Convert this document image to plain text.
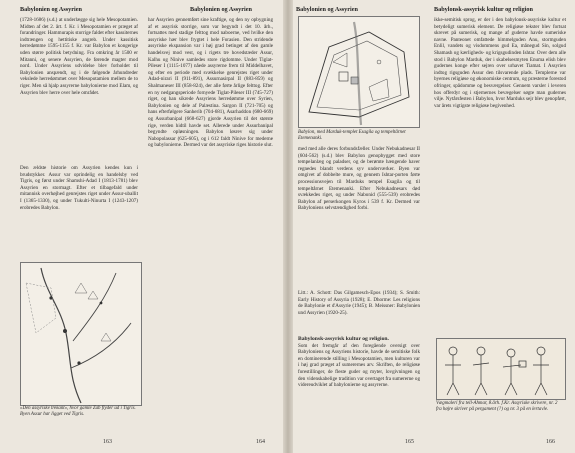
Babylonien og Assyrien
(1728-1686) (s.d.) at underlægge sig hele Mesopotamien. Midten af det 2. årt. f. Kr. i Mesopotamien er præget af forandringer. Hammurapis storrige faldet efter kassiternes indtrængen og hettitiske angreb. Under kassitisk herredømme 1595-1155 f. Kr. var Babylon et kongerige uden større politisk betydning. Fra omkring år 1500 er Mitanni, og senere Assyrien, de førende magter mod nord. Under Assyriens udvidelse blev forholdet til Babylonien anspændt, og i de følgende århundreder vekslede herredømmet over Mesopotamien mellem de to riger. Men så hjalp assyrerne babylonierne mod Elam, og Assyrien blev herre over hele området.
Den ældste historie om Assyrien kendes kun i brudstykker. Assur var oprindelig en handelsby ved Tigris, og først under Shamshi-Adad I (1813-1781) blev Assyrien en stormagt. Efter et tilbagefald under mitannisk overhøjhed genrejstes riget under Assur-uballit I (1365-1330), og under Tukulti-Ninurta I (1243-1207) erobredes Babylon.
»Den assyriske trekant», hvor gamle Zab flyder ud i Tigris. Byen Assur har ligget ved Tigris.
163
Babylonien og Assyrien
har Assyrien gennemført sine kraftige, og den ny opbygning af et assyrisk storrige, som var begyndt i det 10. årh., fortsattes med stadige felttog mod naboerne, ved hvilke den assyriske hær blev frygtet i hele Forasien. Den stridende assyriske ekspansion var i høj grad betinget af den gamle handelsvej mod vest, og i rigets tre hovedstæder Assur, Kalhu og Ninive samledes store rigdomme. Under Tiglat-Pileser I (1115-1077) nåede assyrerne frem til Middelhavet, og efter en periode med svækkelse genrejstes riget under Adad-nirari II (911-891), Assurnasirpal II (883-859) og Shalmaneser III (858-824), der alle førte årlige felttog. Efter en ny nedgangsperiode fornyede Tiglat-Pileser III (745-727) riget, og han sikrede Assyriens herredømme over Syrien, Babylonien og dele af Palæstina. Sargon II (721-705) og hans efterfølgere Sanherib (704-681), Asarhaddon (680-669) og Assurbanipal (668-627) gjorde Assyrien til det største rige, verden hidtil havde set. Allerede under Assurbanipal begyndte opløsningen. Babylon løsrev sig under Nabopolassar (625-605), og i 612 faldt Ninive for mederne og babylonierne. Dermed var det assyriske riges historie slut.
164
Babylonien og Assyrien
Babylon, med Marduk-templet Esagila og tempeltårnet Etemenanki.
med med alle deres forbundsfæller. Under Nebukadnesar II (604-562) (s.d.) blev Babylon genopbygget med store tempelanlæg og paladser, og de berømte hængende haver regnedes blandt verdens syv underværker. Byen var omgivet af dobbelte mure, og gennem Ishtar-porten førte processionsvejen til Marduks tempel Esagila og til tempeltårnet Etemenanki. Efter Nebukadnesars død svækkedes riget, og under Nabonid (555-539) erobredes Babylon af perserkongen Kyros i 539 f. Kr. Dermed var Babyloniens selvstændighed forbi.
Litt.: A. Schott: Das Gilgamesch-Epos (1934); S. Smith: Early History of Assyria (1928); E. Dhorme: Les religions de Babylonie et d'Assyrie (1945); B. Meissner: Babylonien und Assyrien (1920-25).
Babylonsk-assyrisk kultur og religion.
Som det fremgår af den foregående oversigt over Babyloniens og Assyriens historie, havde de semitiske folk en dominerende stilling i Mesopotamien, men kulturen var i høj grad præget af sumerernes arv. Skriften, de religiøse forestillinger, de fleste guder og myter, lovgivningen og den videnskabelige tradition var overtaget fra sumererne og videreudviklet af babylonierne og assyrerne.
165
Babylonsk-assyrisk kultur og religion
ikke-semitisk sprog, er der i den babylonsk-assyriske kultur et betydeligt sumerisk element. De religiøse tekster blev fortsat skrevet på sumerisk, og mange af guderne havde sumeriske navne. Panteonet omfattede himmelguden Anu, stormguden Enlil, vandets og visdommens gud Ea, månegud Sin, solgud Shamash og kærligheds- og krigsgudinden Ishtar. Over dem alle stod i Babylon Marduk, der i skabelsesmyten Enuma elish blev gudernes konge efter sejren over urhavet Tiamat. I Assyrien indtog rigsguden Assur den tilsvarende plads. Templerne var byernes religiøse og økonomiske centrum, og præsterne forestod ofringer, spådomme og besværgelser. Gennem varsler i leveren hos offerdyr og i stjernernes bevægelser søgte man gudernes vilje. Nytårsfesten i Babylon, hvor Marduks sejr blev genopført, var årets vigtigste religiøse begivenhed.
Vægmaleri fra tell-Ahmar, 8.årh. f.Kr. Assyriske skrivere, nr. 2 fra højre skriver på pergament (?) og nr. 3 på en lertavle.
166
